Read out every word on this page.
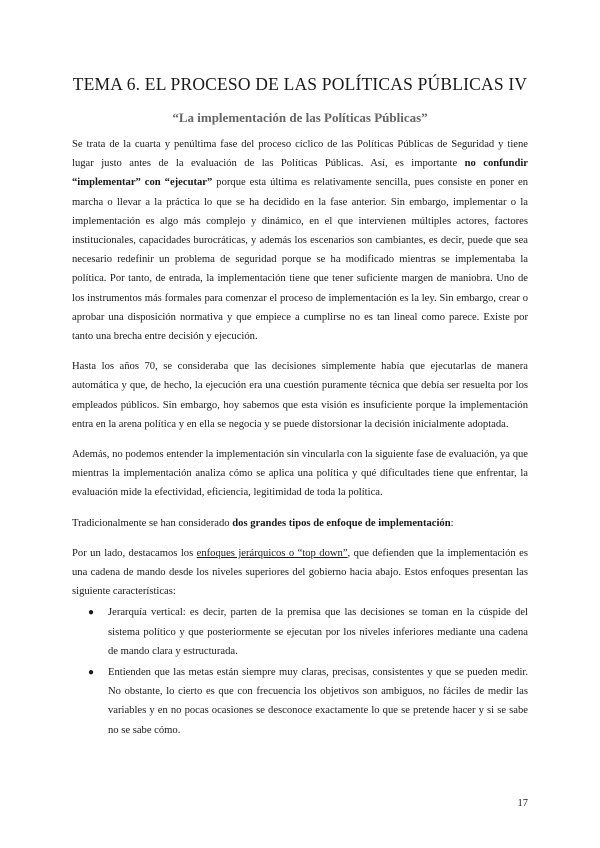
TEMA 6. EL PROCESO DE LAS POLÍTICAS PÚBLICAS IV
“La implementación de las Políticas Públicas”

Se trata de la cuarta y penúltima fase del proceso cíclico de las Políticas Públicas de Seguridad y tiene lugar justo antes de la evaluación de las Políticas Públicas. Así, es importante no confundir “implementar” con “ejecutar” porque esta última es relativamente sencilla, pues consiste en poner en marcha o llevar a la práctica lo que se ha decidido en la fase anterior. Sin embargo, implementar o la implementación es algo más complejo y dinámico, en el que intervienen múltiples actores, factores institucionales, capacidades burocráticas, y además los escenarios son cambiantes, es decir, puede que sea necesario redefinir un problema de seguridad porque se ha modificado mientras se implementaba la política. Por tanto, de entrada, la implementación tiene que tener suficiente margen de maniobra. Uno de los instrumentos más formales para comenzar el proceso de implementación es la ley. Sin embargo, crear o aprobar una disposición normativa y que empiece a cumplirse no es tan lineal como parece. Existe por tanto una brecha entre decisión y ejecución.

Hasta los años 70, se consideraba que las decisiones simplemente había que ejecutarlas de manera automática y que, de hecho, la ejecución era una cuestión puramente técnica que debía ser resuelta por los empleados públicos. Sin embargo, hoy sabemos que esta visión es insuficiente porque la implementación entra en la arena política y en ella se negocia y se puede distorsionar la decisión inicialmente adoptada.

Además, no podemos entender la implementación sin vincularla con la siguiente fase de evaluación, ya que mientras la implementación analiza cómo se aplica una política y qué dificultades tiene que enfrentar, la evaluación mide la efectividad, eficiencia, legitimidad de toda la política.

Tradicionalmente se han considerado dos grandes tipos de enfoque de implementación:

Por un lado, destacamos los enfoques jerárquicos o “top down”, que defienden que la implementación es una cadena de mando desde los niveles superiores del gobierno hacia abajo. Estos enfoques presentan las siguiente características:

● Jerarquía vertical: es decir, parten de la premisa que las decisiones se toman en la cúspide del sistema político y que posteriormente se ejecutan por los niveles inferiores mediante una cadena de mando clara y estructurada.
● Entienden que las metas están siempre muy claras, precisas, consistentes y que se pueden medir. No obstante, lo cierto es que con frecuencia los objetivos son ambiguos, no fáciles de medir las variables y en no pocas ocasiones se desconoce exactamente lo que se pretende hacer y si se sabe no se sabe cómo.
17
